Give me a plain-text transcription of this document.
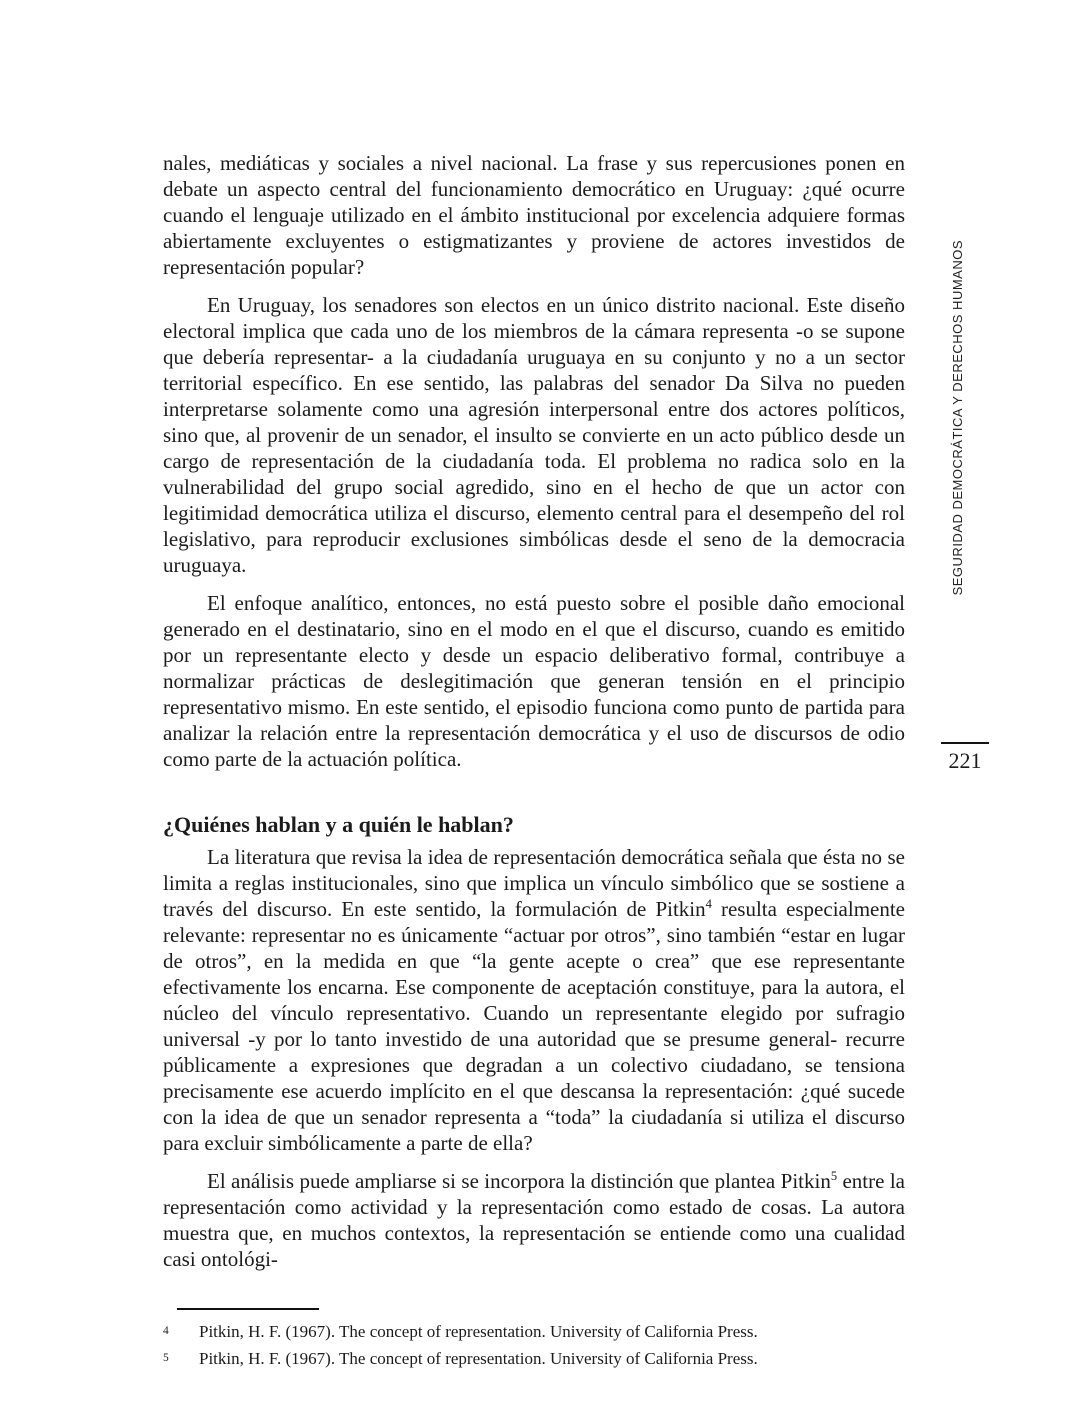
nales, mediáticas y sociales a nivel nacional. La frase y sus repercusiones ponen en debate un aspecto central del funcionamiento democrático en Uruguay: ¿qué ocurre cuando el lenguaje utilizado en el ámbito institucional por excelencia adquiere formas abiertamente excluyentes o estigmatizantes y proviene de actores investidos de representación popular?

En Uruguay, los senadores son electos en un único distrito nacional. Este diseño electoral implica que cada uno de los miembros de la cámara representa -o se supone que debería representar- a la ciudadanía uruguaya en su conjunto y no a un sector territorial específico. En ese sentido, las palabras del senador Da Silva no pueden interpretarse solamente como una agresión interpersonal entre dos actores políticos, sino que, al provenir de un senador, el insulto se convierte en un acto público desde un cargo de representación de la ciudadanía toda. El problema no radica solo en la vulnerabilidad del grupo social agredido, sino en el hecho de que un actor con legitimidad democrática utiliza el discurso, elemento central para el desempeño del rol legislativo, para reproducir exclusiones simbólicas desde el seno de la democracia uruguaya.

El enfoque analítico, entonces, no está puesto sobre el posible daño emocional generado en el destinatario, sino en el modo en el que el discurso, cuando es emitido por un representante electo y desde un espacio deliberativo formal, contribuye a normalizar prácticas de deslegitimación que generan tensión en el principio representativo mismo. En este sentido, el episodio funciona como punto de partida para analizar la relación entre la representación democrática y el uso de discursos de odio como parte de la actuación política.

¿Quiénes hablan y a quién le hablan?

La literatura que revisa la idea de representación democrática señala que ésta no se limita a reglas institucionales, sino que implica un vínculo simbólico que se sostiene a través del discurso. En este sentido, la formulación de Pitkin$^4$ resulta especialmente relevante: representar no es únicamente “actuar por otros”, sino también “estar en lugar de otros”, en la medida en que “la gente acepte o crea” que ese representante efectivamente los encarna. Ese componente de aceptación constituye, para la autora, el núcleo del vínculo representativo. Cuando un representante elegido por sufragio universal -y por lo tanto investido de una autoridad que se presume general- recurre públicamente a expresiones que degradan a un colectivo ciudadano, se tensiona precisamente ese acuerdo implícito en el que descansa la representación: ¿qué sucede con la idea de que un senador representa a “toda” la ciudadanía si utiliza el discurso para excluir simbólicamente a parte de ella?

El análisis puede ampliarse si se incorpora la distinción que plantea Pitkin$^5$ entre la representación como actividad y la representación como estado de cosas. La autora muestra que, en muchos contextos, la representación se entiende como una cualidad casi ontológi-

4	Pitkin, H. F. (1967). The concept of representation. University of California Press.
5	Pitkin, H. F. (1967). The concept of representation. University of California Press.
SEGURIDAD DEMOCRÁTICA Y DERECHOS HUMANOS
221
